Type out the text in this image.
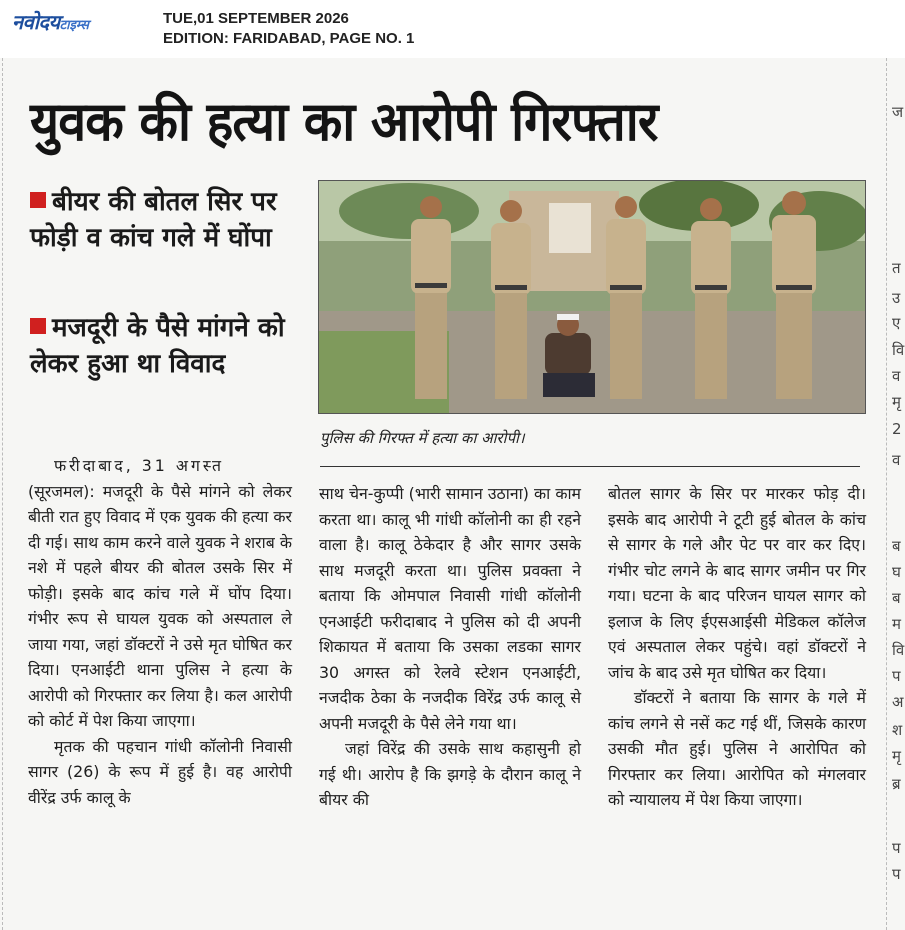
नवोदयटाइम्स	TUE,01 SEPTEMBER 2026
EDITION: FARIDABAD, PAGE NO. 1
युवक की हत्या का आरोपी गिरफ्तार
बीयर की बोतल सिर पर फोड़ी व कांच गले में घोंपा
मजदूरी के पैसे मांगने को लेकर हुआ था विवाद
पुलिस की गिरफ्त में हत्या का आरोपी।

फरीदाबाद, 31 अगस्त

(सूरजमल): मजदूरी के पैसे मांगने को लेकर बीती रात हुए विवाद में एक युवक की हत्या कर दी गई। साथ काम करने वाले युवक ने शराब के नशे में पहले बीयर की बोतल उसके सिर में फोड़ी। इसके बाद कांच गले में घोंप दिया। गंभीर रूप से घायल युवक को अस्पताल ले जाया गया, जहां डॉक्टरों ने उसे मृत घोषित कर दिया। एनआईटी थाना पुलिस ने हत्या के आरोपी को गिरफ्तार कर लिया है। कल आरोपी को कोर्ट में पेश किया जाएगा।

मृतक की पहचान गांधी कॉलोनी निवासी सागर (26) के रूप में हुई है। वह आरोपी वीरेंद्र उर्फ कालू के

साथ चेन-कुप्पी (भारी सामान उठाना) का काम करता था। कालू भी गांधी कॉलोनी का ही रहने वाला है। कालू ठेकेदार है और सागर उसके साथ मजदूरी करता था। पुलिस प्रवक्ता ने बताया कि ओमपाल निवासी गांधी कॉलोनी एनआईटी फरीदाबाद ने पुलिस को दी अपनी शिकायत में बताया कि उसका लडका सागर 30 अगस्त को रेलवे स्टेशन एनआईटी, नजदीक ठेका के नजदीक विरेंद्र उर्फ कालू से अपनी मजदूरी के पैसे लेने गया था।

जहां विरेंद्र की उसके साथ कहासुनी हो गई थी। आरोप है कि झगड़े के दौरान कालू ने बीयर की

बोतल सागर के सिर पर मारकर फोड़ दी। इसके बाद आरोपी ने टूटी हुई बोतल के कांच से सागर के गले और पेट पर वार कर दिए। गंभीर चोट लगने के बाद सागर जमीन पर गिर गया। घटना के बाद परिजन घायल सागर को इलाज के लिए ईएसआईसी मेडिकल कॉलेज एवं अस्पताल लेकर पहुंचे। वहां डॉक्टरों ने जांच के बाद उसे मृत घोषित कर दिया।

डॉक्टरों ने बताया कि सागर के गले में कांच लगने से नसें कट गई थीं, जिसके कारण उसकी मौत हुई। पुलिस ने आरोपित को गिरफ्तार कर लिया। आरोपित को मंगलवार को न्यायालय में पेश किया जाएगा।

ज
त
उ
ए
वि
व
मृ
2
व
ब
घ
ब
म
वि
प
अ
श
मृ
ब्र
प
प
